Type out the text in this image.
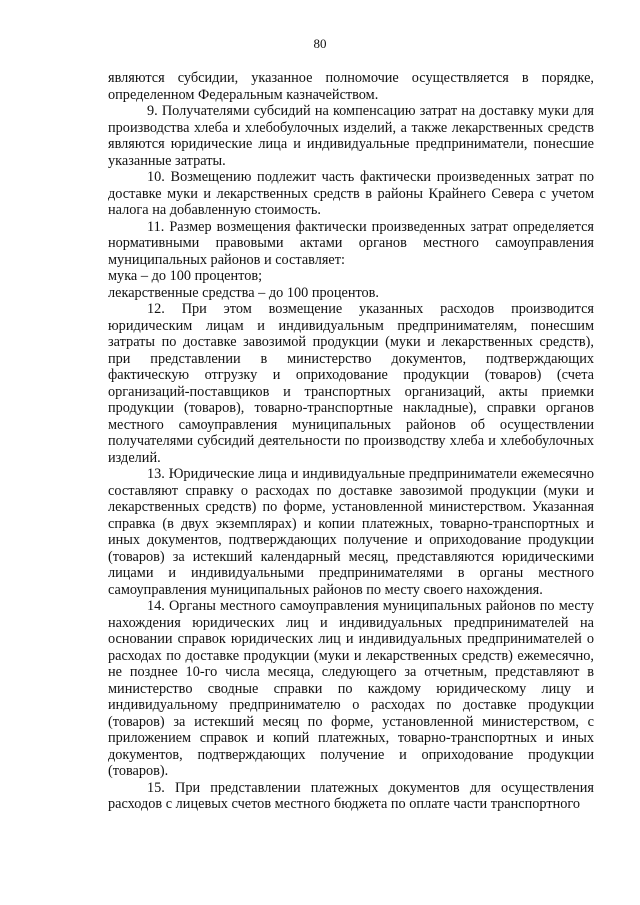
80

являются субсидии, указанное полномочие осуществляется в порядке, определенном Федеральным казначейством.

9. Получателями субсидий на компенсацию затрат на доставку муки для производства хлеба и хлебобулочных изделий, а также лекарственных средств являются юридические лица и индивидуальные предприниматели, понесшие указанные затраты.

10. Возмещению подлежит часть фактически произведенных затрат по доставке муки и лекарственных средств в районы Крайнего Севера с учетом налога на добавленную стоимость.

11. Размер возмещения фактически произведенных затрат определяется нормативными правовыми актами органов местного самоуправления муниципальных районов и составляет:

мука – до 100 процентов;

лекарственные средства – до 100 процентов.

12. При этом возмещение указанных расходов производится юридическим лицам и индивидуальным предпринимателям, понесшим затраты по доставке завозимой продукции (муки и лекарственных средств), при представлении в министерство документов, подтверждающих фактическую отгрузку и оприходование продукции (товаров) (счета организаций-поставщиков и транспортных организаций, акты приемки продукции (товаров), товарно-транспортные накладные), справки органов местного самоуправления муниципальных районов об осуществлении получателями субсидий деятельности по производству хлеба и хлебобулочных изделий.

13. Юридические лица и индивидуальные предприниматели ежемесячно составляют справку о расходах по доставке завозимой продукции (муки и лекарственных средств) по форме, установленной министерством. Указанная справка (в двух экземплярах) и копии платежных, товарно-транспортных и иных документов, подтверждающих получение и оприходование продукции (товаров) за истекший календарный месяц, представляются юридическими лицами и индивидуальными предпринимателями в органы местного самоуправления муниципальных районов по месту своего нахождения.

14. Органы местного самоуправления муниципальных районов по месту нахождения юридических лиц и индивидуальных предпринимателей на основании справок юридических лиц и индивидуальных предпринимателей о расходах по доставке продукции (муки и лекарственных средств) ежемесячно, не позднее 10-го числа месяца, следующего за отчетным, представляют в министерство сводные справки по каждому юридическому лицу и индивидуальному предпринимателю о расходах по доставке продукции (товаров) за истекший месяц по форме, установленной министерством, с приложением справок и копий платежных, товарно-транспортных и иных документов, подтверждающих получение и оприходование продукции (товаров).

15. При представлении платежных документов для осуществления расходов с лицевых счетов местного бюджета по оплате части транспортного
